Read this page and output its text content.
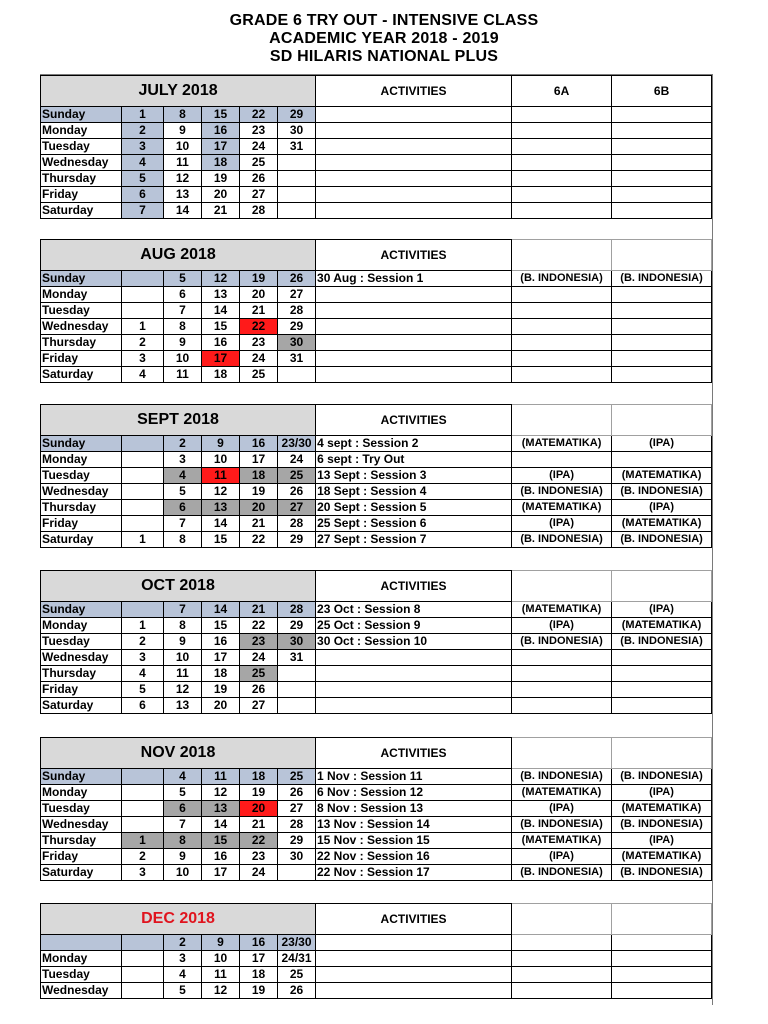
GRADE 6 TRY OUT - INTENSIVE CLASS
ACADEMIC YEAR 2018 - 2019
SD HILARIS NATIONAL PLUS
JULY 2018						ACTIVITIES	6A	6B
Sunday	1	8	15	22	29			
Monday	2	9	16	23	30			
Tuesday	3	10	17	24	31			
Wednesday	4	11	18	25				
Thursday	5	12	19	26				
Friday	6	13	20	27				
Saturday	7	14	21	28				
AUG 2018						ACTIVITIES		
Sunday		5	12	19	26	30 Aug : Session 1	(B. INDONESIA)	(B. INDONESIA)
Monday		6	13	20	27			
Tuesday		7	14	21	28			
Wednesday	1	8	15	22	29			
Thursday	2	9	16	23	30			
Friday	3	10	17	24	31			
Saturday	4	11	18	25				
SEPT 2018						ACTIVITIES		
Sunday		2	9	16	23/30	4 sept : Session 2	(MATEMATIKA)	(IPA)
Monday		3	10	17	24	6 sept : Try Out		
Tuesday		4	11	18	25	13 Sept : Session 3	(IPA)	(MATEMATIKA)
Wednesday		5	12	19	26	18 Sept : Session 4	(B. INDONESIA)	(B. INDONESIA)
Thursday		6	13	20	27	20 Sept : Session 5	(MATEMATIKA)	(IPA)
Friday		7	14	21	28	25 Sept : Session 6	(IPA)	(MATEMATIKA)
Saturday	1	8	15	22	29	27 Sept : Session 7	(B. INDONESIA)	(B. INDONESIA)
OCT 2018						ACTIVITIES		
Sunday		7	14	21	28	23 Oct : Session 8	(MATEMATIKA)	(IPA)
Monday	1	8	15	22	29	25 Oct : Session 9	(IPA)	(MATEMATIKA)
Tuesday	2	9	16	23	30	30 Oct : Session 10	(B. INDONESIA)	(B. INDONESIA)
Wednesday	3	10	17	24	31			
Thursday	4	11	18	25				
Friday	5	12	19	26				
Saturday	6	13	20	27				
NOV 2018						ACTIVITIES		
Sunday		4	11	18	25	1 Nov : Session 11	(B. INDONESIA)	(B. INDONESIA)
Monday		5	12	19	26	6 Nov : Session 12	(MATEMATIKA)	(IPA)
Tuesday		6	13	20	27	8 Nov : Session 13	(IPA)	(MATEMATIKA)
Wednesday		7	14	21	28	13 Nov : Session 14	(B. INDONESIA)	(B. INDONESIA)
Thursday	1	8	15	22	29	15 Nov : Session 15	(MATEMATIKA)	(IPA)
Friday	2	9	16	23	30	22 Nov : Session 16	(IPA)	(MATEMATIKA)
Saturday	3	10	17	24		22 Nov : Session 17	(B. INDONESIA)	(B. INDONESIA)
DEC 2018						ACTIVITIES		
		2	9	16	23/30			
Monday		3	10	17	24/31			
Tuesday		4	11	18	25			
Wednesday		5	12	19	26			
